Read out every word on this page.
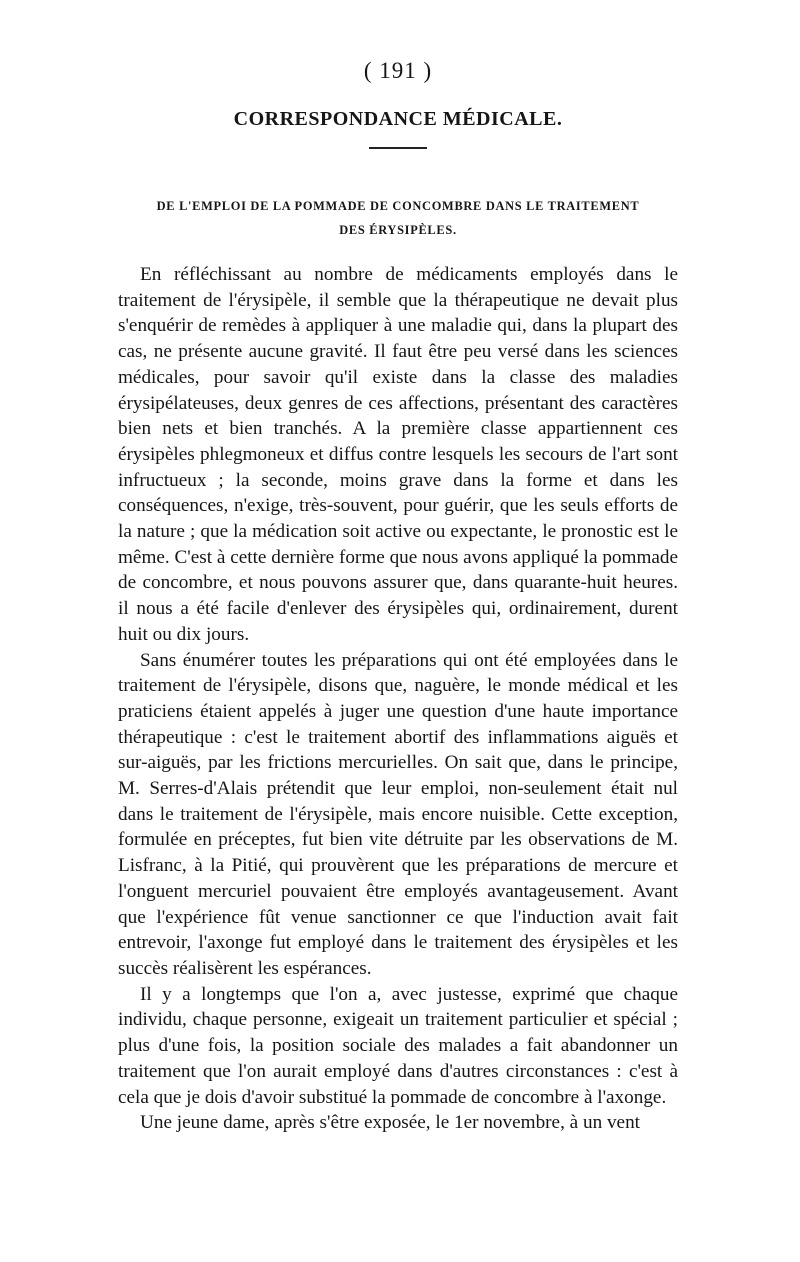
( 191 )
CORRESPONDANCE MÉDICALE.
DE L'EMPLOI DE LA POMMADE DE CONCOMBRE DANS LE TRAITEMENT
DES ÉRYSIPÈLES.

En réfléchissant au nombre de médicaments employés dans le traitement de l'érysipèle, il semble que la thérapeutique ne devait plus s'enquérir de remèdes à appliquer à une maladie qui, dans la plupart des cas, ne présente aucune gravité. Il faut être peu versé dans les sciences médicales, pour savoir qu'il existe dans la classe des maladies érysipélateuses, deux genres de ces affections, présentant des caractères bien nets et bien tranchés. A la première classe appartiennent ces érysipèles phlegmoneux et diffus contre lesquels les secours de l'art sont infructueux ; la seconde, moins grave dans la forme et dans les conséquences, n'exige, très-souvent, pour guérir, que les seuls efforts de la nature ; que la médication soit active ou expectante, le pronostic est le même. C'est à cette dernière forme que nous avons appliqué la pommade de concombre, et nous pouvons assurer que, dans quarante-huit heures. il nous a été facile d'enlever des érysipèles qui, ordinairement, durent huit ou dix jours.

Sans énumérer toutes les préparations qui ont été employées dans le traitement de l'érysipèle, disons que, naguère, le monde médical et les praticiens étaient appelés à juger une question d'une haute importance thérapeutique : c'est le traitement abortif des inflammations aiguës et sur-aiguës, par les frictions mercurielles. On sait que, dans le principe, M. Serres-d'Alais prétendit que leur emploi, non-seulement était nul dans le traitement de l'érysipèle, mais encore nuisible. Cette exception, formulée en préceptes, fut bien vite détruite par les observations de M. Lisfranc, à la Pitié, qui prouvèrent que les préparations de mercure et l'onguent mercuriel pouvaient être employés avantageusement. Avant que l'expérience fût venue sanctionner ce que l'induction avait fait entrevoir, l'axonge fut employé dans le traitement des érysipèles et les succès réalisèrent les espérances.

Il y a longtemps que l'on a, avec justesse, exprimé que chaque individu, chaque personne, exigeait un traitement particulier et spécial ; plus d'une fois, la position sociale des malades a fait abandonner un traitement que l'on aurait employé dans d'autres circonstances : c'est à cela que je dois d'avoir substitué la pommade de concombre à l'axonge.

Une jeune dame, après s'être exposée, le 1er novembre, à un vent
